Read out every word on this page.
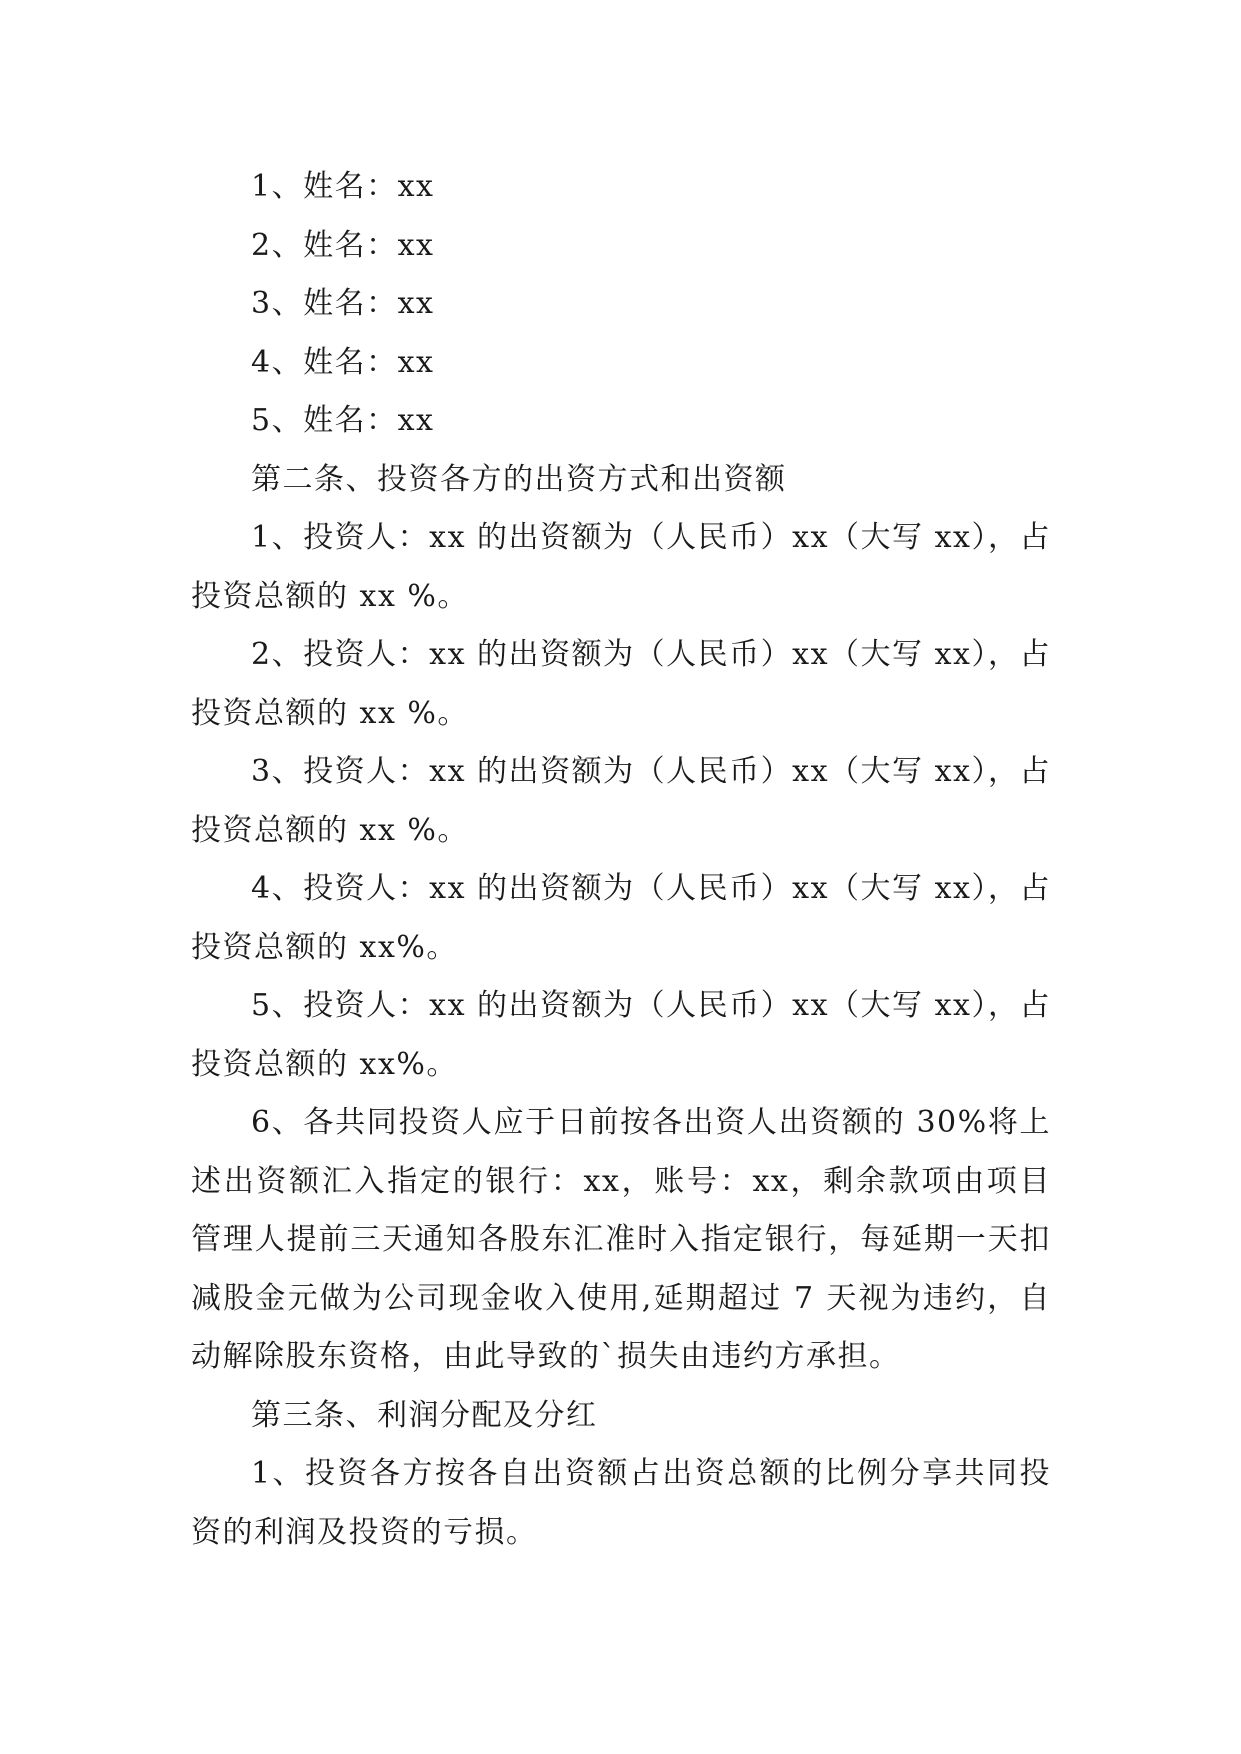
1、姓名：xx

2、姓名：xx

3、姓名：xx

4、姓名：xx

5、姓名：xx

第二条、投资各方的出资方式和出资额

1、投资人：xx 的出资额为（人民币）xx（大写 xx），占投资总额的 xx %。

2、投资人：xx 的出资额为（人民币）xx（大写 xx），占投资总额的 xx %。

3、投资人：xx 的出资额为（人民币）xx（大写 xx），占投资总额的 xx %。

4、投资人：xx 的出资额为（人民币）xx（大写 xx），占投资总额的 xx%。

5、投资人：xx 的出资额为（人民币）xx（大写 xx），占投资总额的 xx%。

6、各共同投资人应于日前按各出资人出资额的 30%将上述出资额汇入指定的银行：xx，账号：xx，剩余款项由项目管理人提前三天通知各股东汇准时入指定银行，每延期一天扣减股金元做为公司现金收入使用,延期超过 7 天视为违约，自动解除股东资格，由此导致的`损失由违约方承担。

第三条、利润分配及分红

1、投资各方按各自出资额占出资总额的比例分享共同投资的利润及投资的亏损。
